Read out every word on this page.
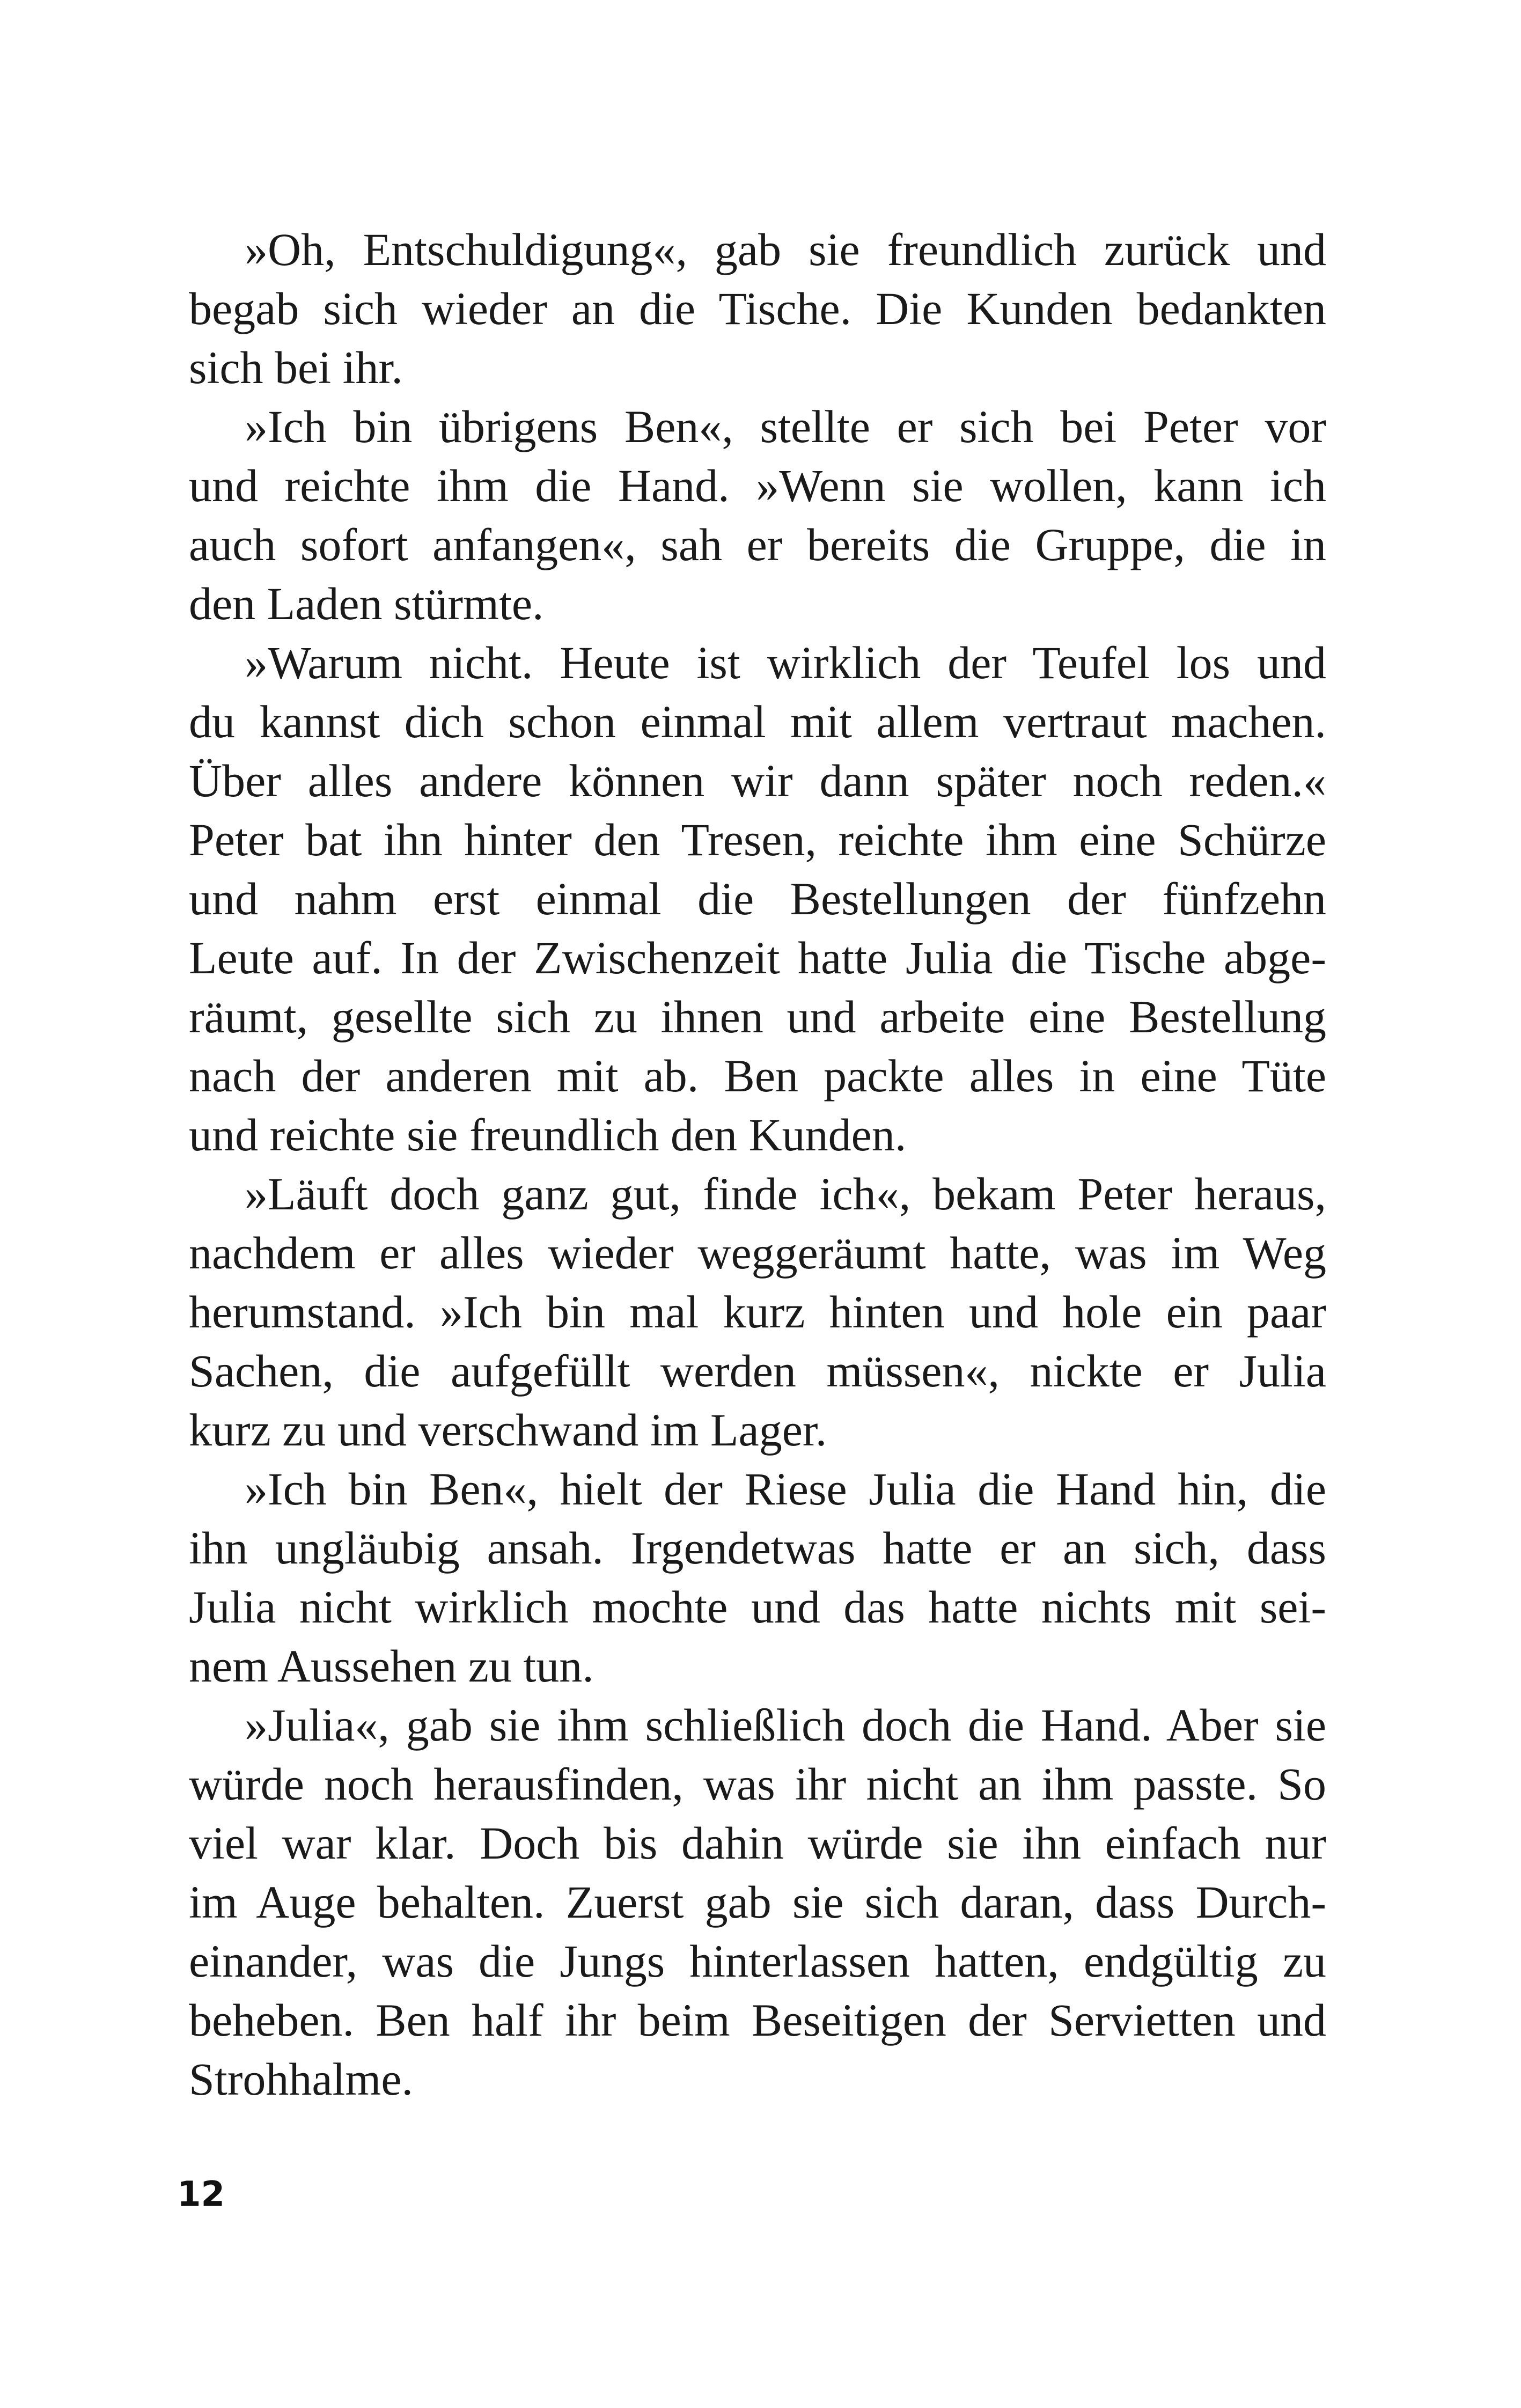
»Oh, Entschuldigung«, gab sie freundlich zurück und
begab sich wieder an die Tische. Die Kunden bedankten
sich bei ihr.
»Ich bin übrigens Ben«, stellte er sich bei Peter vor
und reichte ihm die Hand. »Wenn sie wollen, kann ich
auch sofort anfangen«, sah er bereits die Gruppe, die in
den Laden stürmte.
»Warum nicht. Heute ist wirklich der Teufel los und
du kannst dich schon einmal mit allem vertraut machen.
Über alles andere können wir dann später noch reden.«
Peter bat ihn hinter den Tresen, reichte ihm eine Schürze
und nahm erst einmal die Bestellungen der fünfzehn
Leute auf. In der Zwischenzeit hatte Julia die Tische abge-
räumt, gesellte sich zu ihnen und arbeite eine Bestellung
nach der anderen mit ab. Ben packte alles in eine Tüte
und reichte sie freundlich den Kunden.
»Läuft doch ganz gut, finde ich«, bekam Peter heraus,
nachdem er alles wieder weggeräumt hatte, was im Weg
herumstand. »Ich bin mal kurz hinten und hole ein paar
Sachen, die aufgefüllt werden müssen«, nickte er Julia
kurz zu und verschwand im Lager.
»Ich bin Ben«, hielt der Riese Julia die Hand hin, die
ihn ungläubig ansah. Irgendetwas hatte er an sich, dass
Julia nicht wirklich mochte und das hatte nichts mit sei-
nem Aussehen zu tun.
»Julia«, gab sie ihm schließlich doch die Hand. Aber sie
würde noch herausfinden, was ihr nicht an ihm passte. So
viel war klar. Doch bis dahin würde sie ihn einfach nur
im Auge behalten. Zuerst gab sie sich daran, dass Durch-
einander, was die Jungs hinterlassen hatten, endgültig zu
beheben. Ben half ihr beim Beseitigen der Servietten und
Strohhalme.
12
